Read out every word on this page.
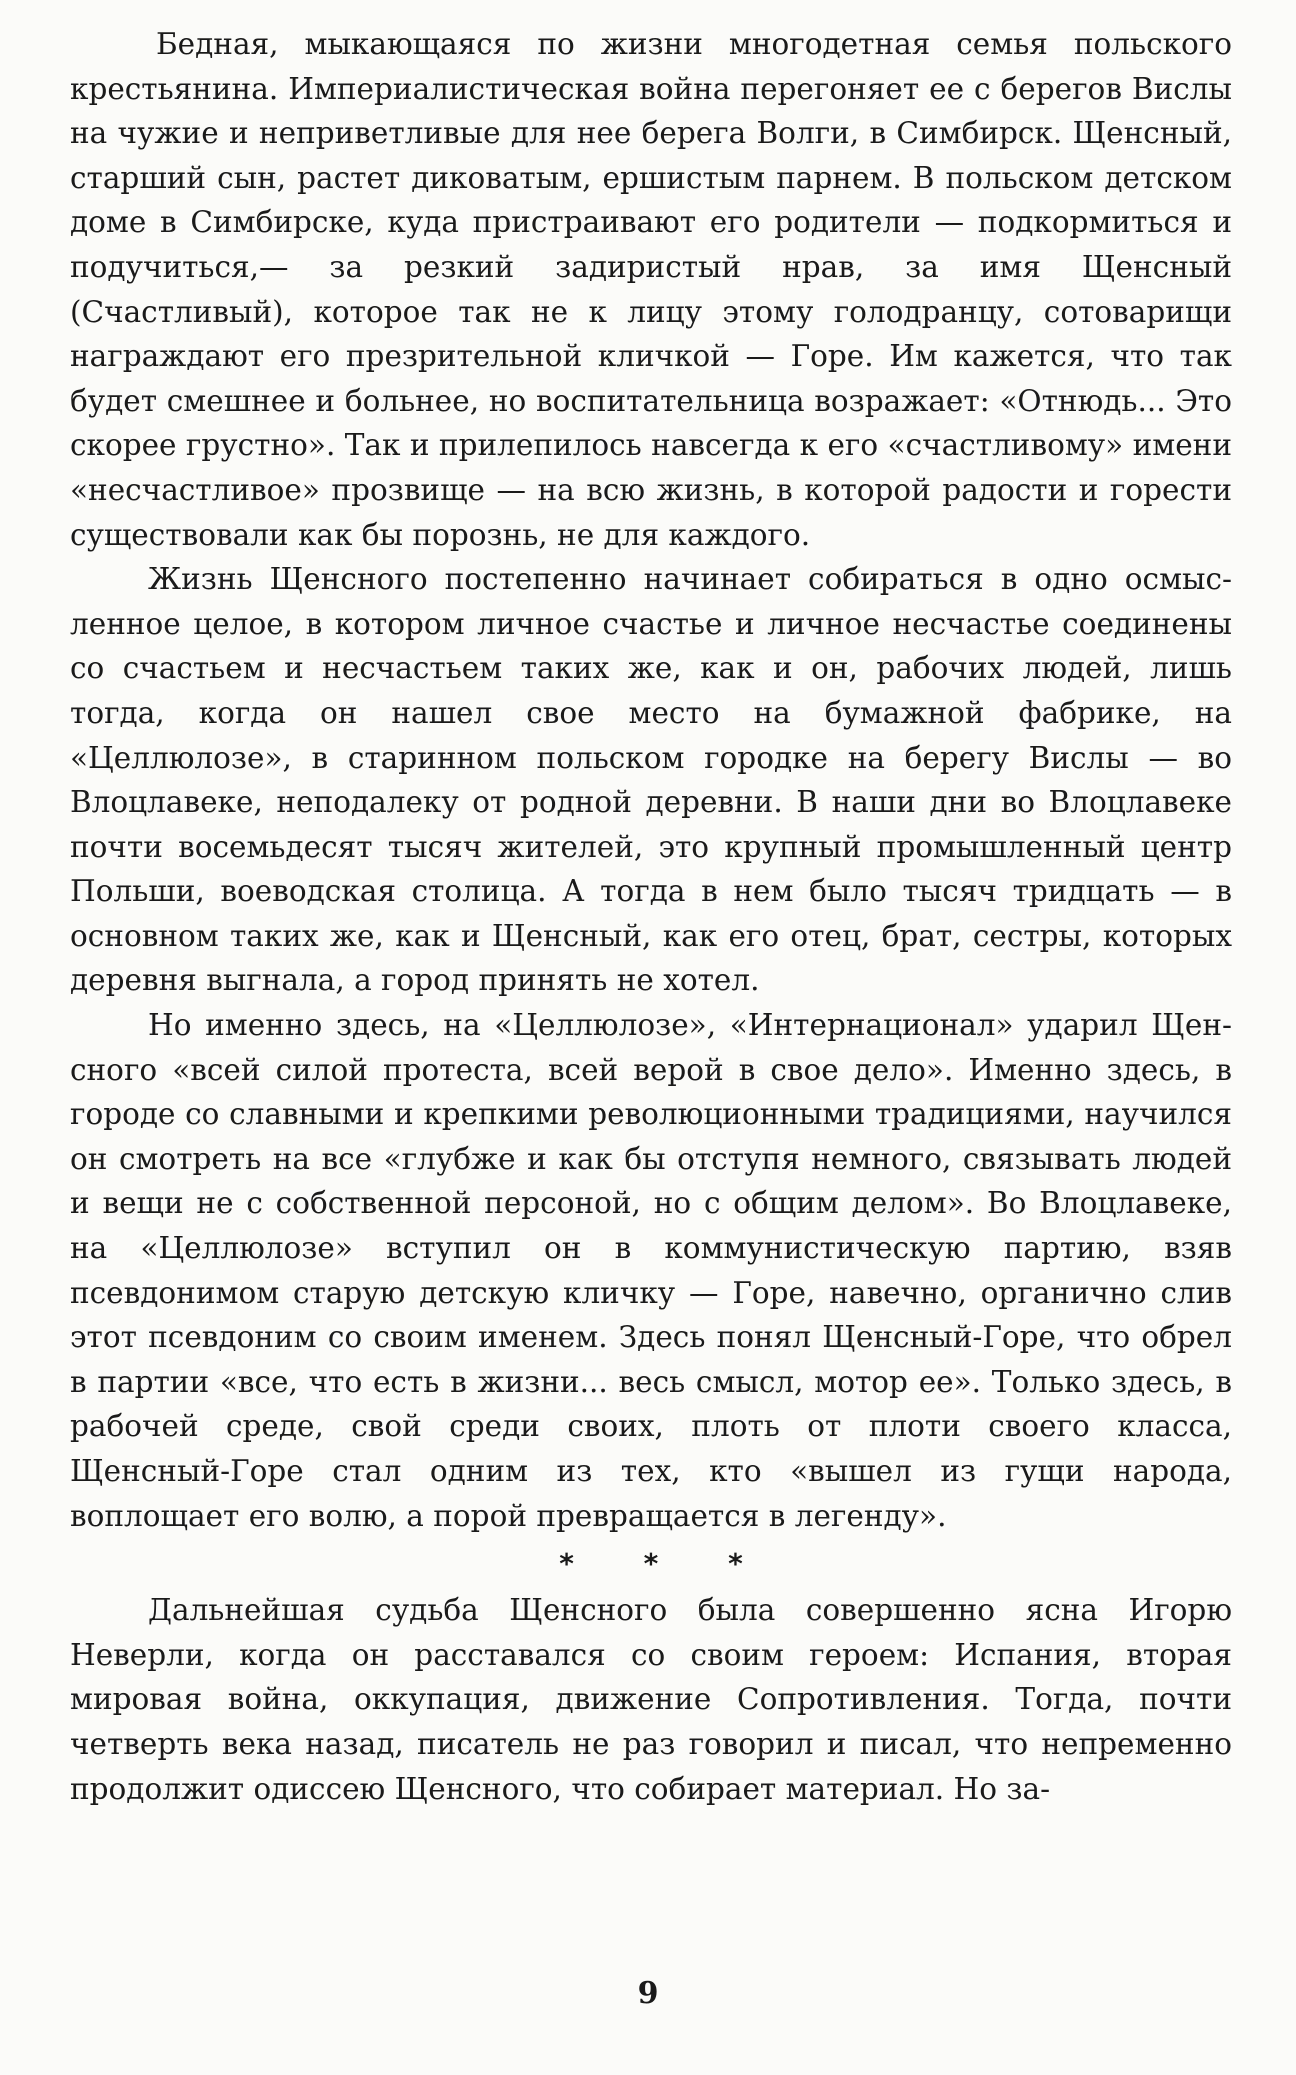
Бедная, мыкающаяся по жизни многодетная семья польского крестьянина. Империалистическая война перегоняет ее с берегов Вислы на чужие и неприветливые для нее берега Волги, в Симбирск. Щенсный, старший сын, растет диковатым, ершистым парнем. В польском детском доме в Симбирске, куда пристраивают его родители — подкормиться и подучиться,— за резкий задиристый нрав, за имя Щенсный (Счастливый), которое так не к лицу этому голодранцу, сотоварищи награждают его презрительной кличкой — Горе. Им кажется, что так будет смешнее и больнее, но воспитательница возражает: «Отнюдь... Это скорее грустно». Так и прилепилось навсегда к его «счастливому» имени «несчастливое» прозвище — на всю жизнь, в которой радости и горести существовали как бы порознь, не для каждого.

Жизнь Щенсного постепенно начинает собираться в одно осмысленное целое, в котором личное счастье и личное несчастье соединены со счастьем и несчастьем таких же, как и он, рабочих людей, лишь тогда, когда он нашел свое место на бумажной фабрике, на «Целлюлозе», в старинном польском городке на берегу Вислы — во Влоцлавеке, неподалеку от родной деревни. В наши дни во Влоцлавеке почти восемьдесят тысяч жителей, это крупный промышленный центр Польши, воеводская столица. А тогда в нем было тысяч тридцать — в основном таких же, как и Щенсный, как его отец, брат, сестры, которых деревня выгнала, а город принять не хотел.

Но именно здесь, на «Целлюлозе», «Интернационал» ударил Щенсного «всей силой протеста, всей верой в свое дело». Именно здесь, в городе со славными и крепкими революционными традициями, научился он смотреть на все «глубже и как бы отступя немного, связывать людей и вещи не с собственной персоной, но с общим делом». Во Влоцлавеке, на «Целлюлозе» вступил он в коммунистическую партию, взяв псевдонимом старую детскую кличку — Горе, навечно, органично слив этот псевдоним со своим именем. Здесь понял Щенсный-Горе, что обрел в партии «все, что есть в жизни... весь смысл, мотор ее». Только здесь, в рабочей среде, свой среди своих, плоть от плоти своего класса, Щенсный-Горе стал одним из тех, кто «вышел из гущи народа, воплощает его волю, а порой превращается в легенду».

* * *

Дальнейшая судьба Щенсного была совершенно ясна Игорю Неверли, когда он расставался со своим героем: Испания, вторая мировая война, оккупация, движение Сопротивления. Тогда, почти четверть века назад, писатель не раз говорил и писал, что непременно продолжит одиссею Щенсного, что собирает материал. Но за-

9
